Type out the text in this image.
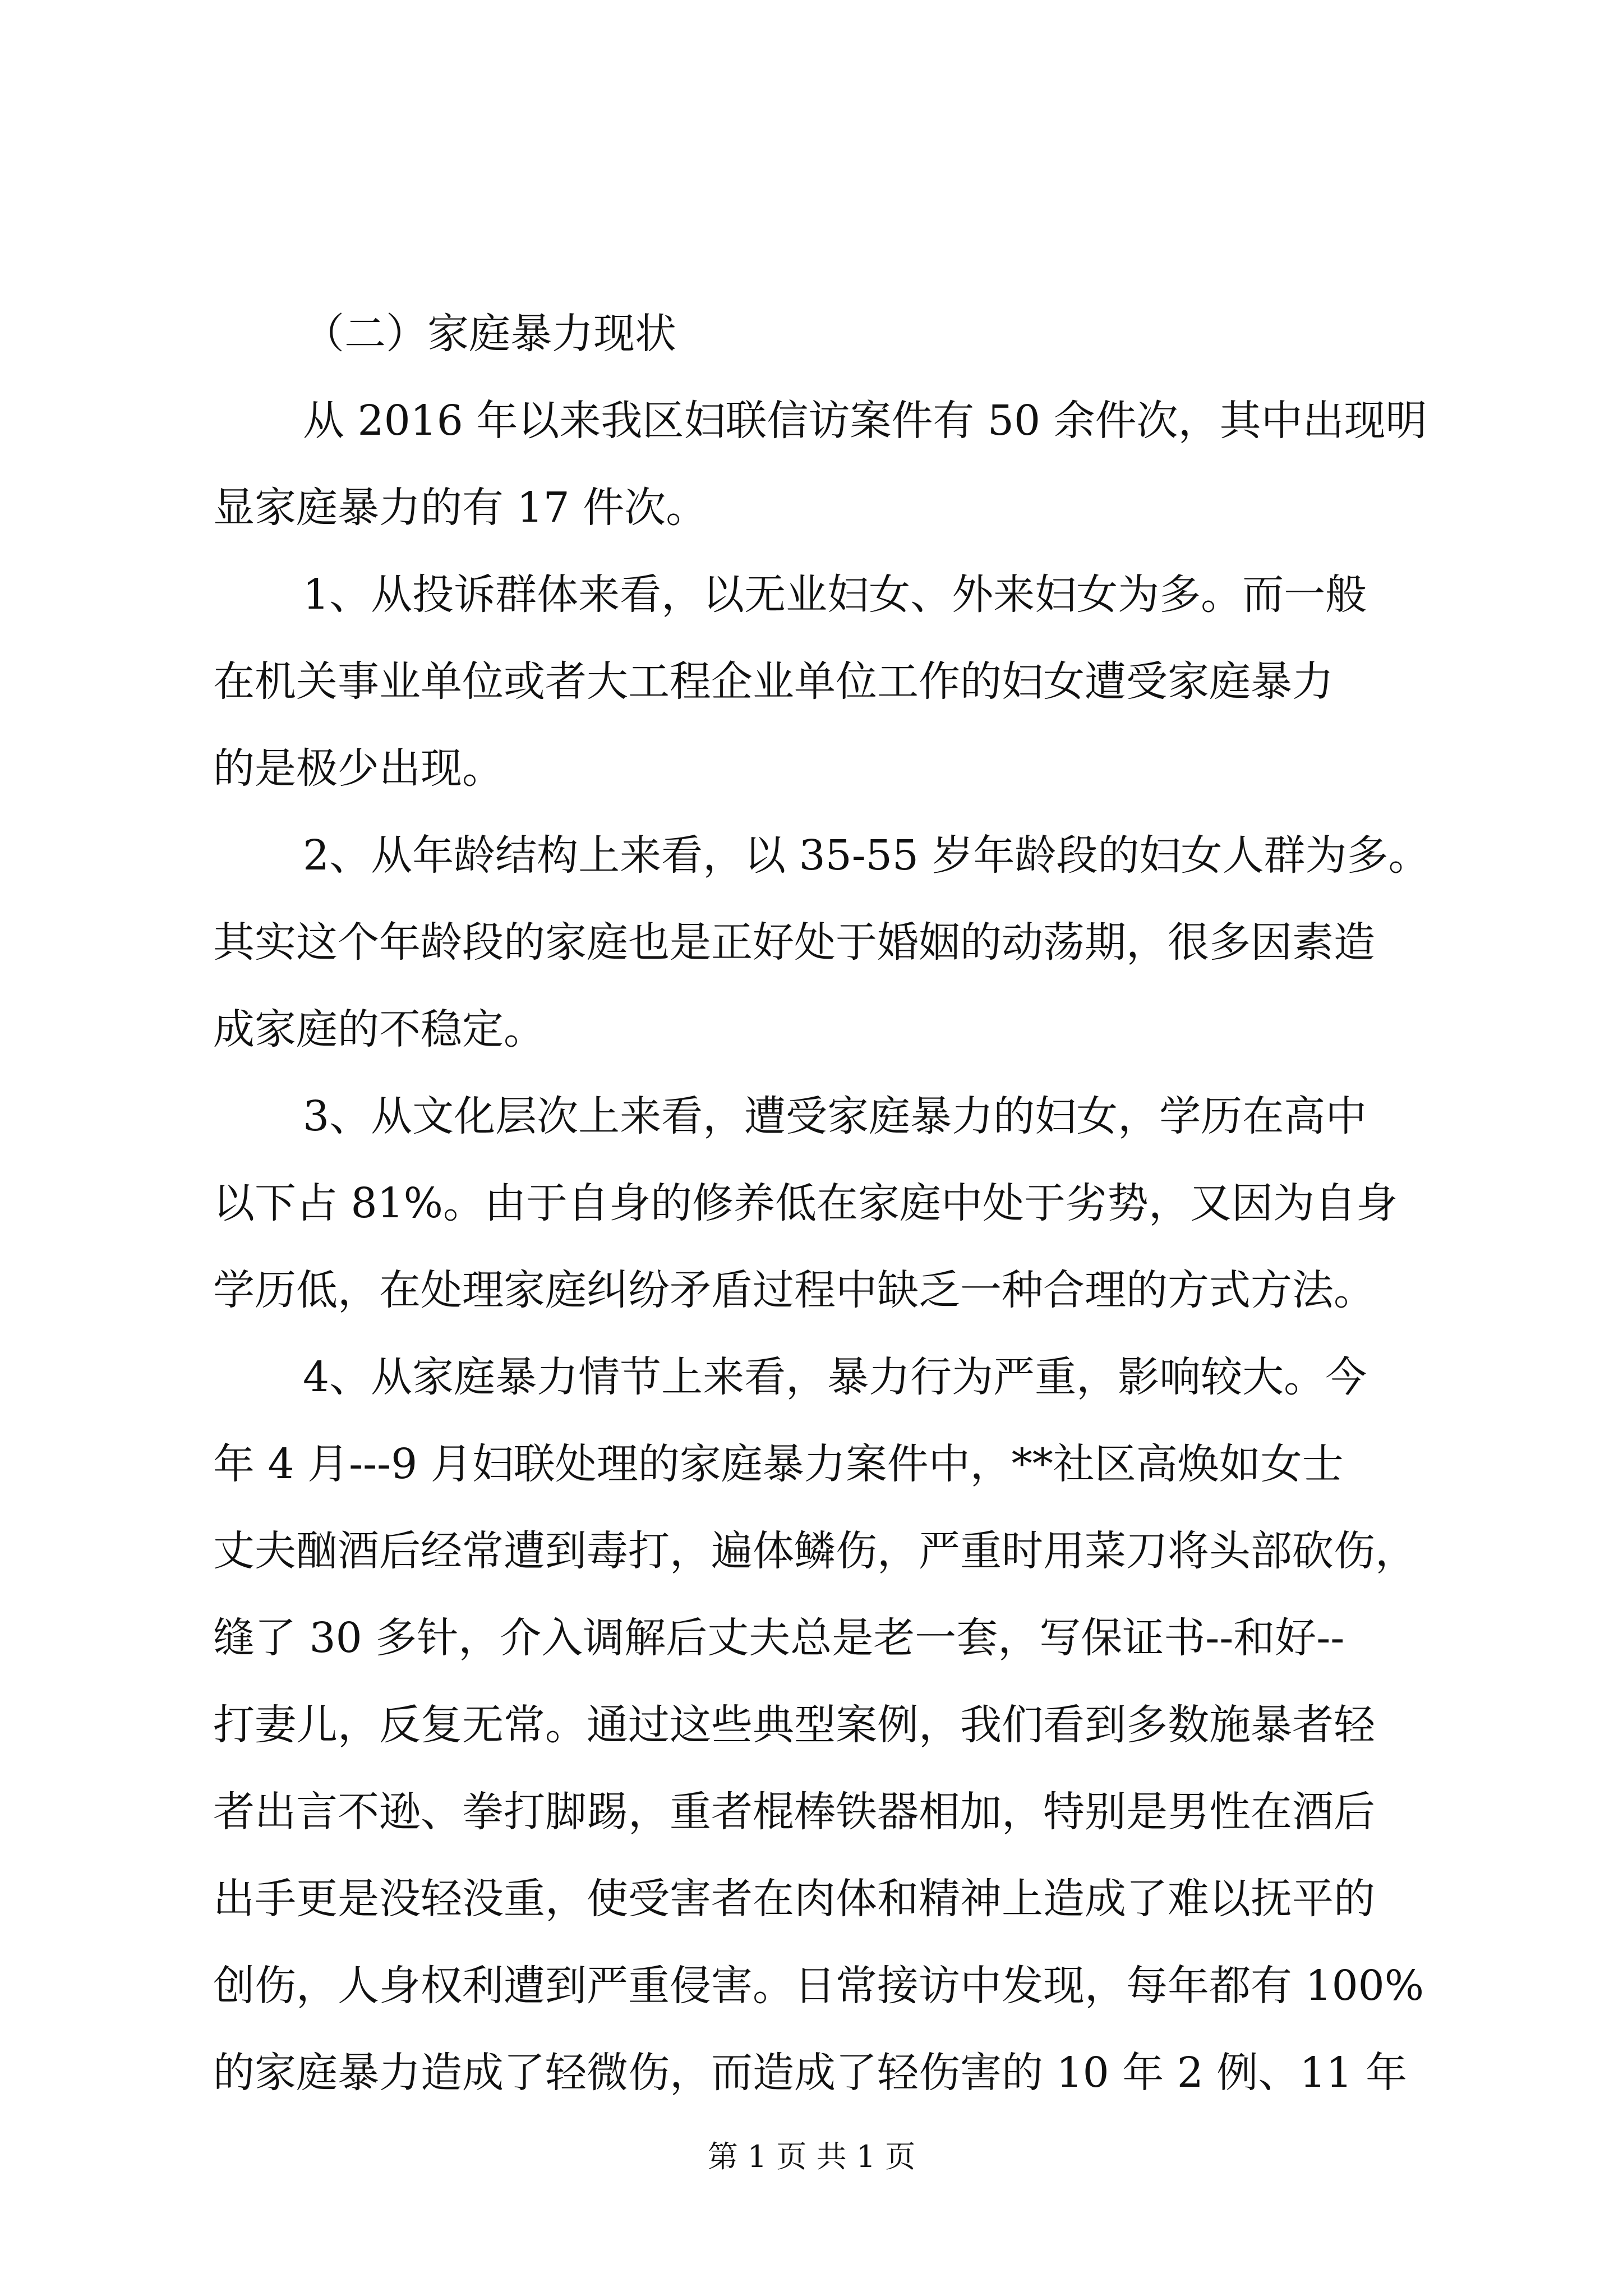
（二）家庭暴力现状

从 2016 年以来我区妇联信访案件有 50 余件次，其中出现明

显家庭暴力的有 17 件次。

1、从投诉群体来看，以无业妇女、外来妇女为多。而一般

在机关事业单位或者大工程企业单位工作的妇女遭受家庭暴力

的是极少出现。

2、从年龄结构上来看，以 35-55 岁年龄段的妇女人群为多。

其实这个年龄段的家庭也是正好处于婚姻的动荡期，很多因素造

成家庭的不稳定。

3、从文化层次上来看，遭受家庭暴力的妇女，学历在高中

以下占 81%。由于自身的修养低在家庭中处于劣势，又因为自身

学历低，在处理家庭纠纷矛盾过程中缺乏一种合理的方式方法。

4、从家庭暴力情节上来看，暴力行为严重，影响较大。今

年 4 月---9 月妇联处理的家庭暴力案件中，**社区高焕如女士

丈夫酗酒后经常遭到毒打，遍体鳞伤，严重时用菜刀将头部砍伤，

缝了 30 多针，介入调解后丈夫总是老一套，写保证书--和好--

打妻儿，反复无常。通过这些典型案例，我们看到多数施暴者轻

者出言不逊、拳打脚踢，重者棍棒铁器相加，特别是男性在酒后

出手更是没轻没重，使受害者在肉体和精神上造成了难以抚平的

创伤，人身权利遭到严重侵害。日常接访中发现，每年都有 100%

的家庭暴力造成了轻微伤，而造成了轻伤害的 10 年 2 例、11 年

第 1 页 共 1 页
